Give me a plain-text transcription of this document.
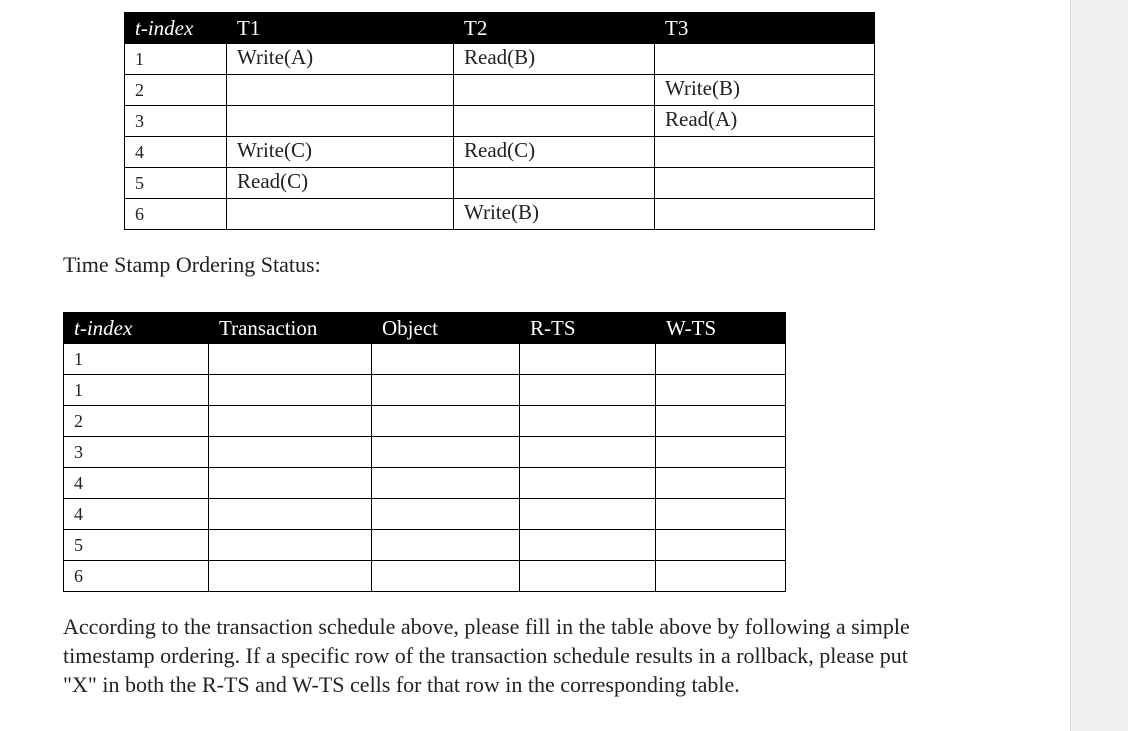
t-index	T1	T2	T3
1	Write(A)	Read(B)	
2			Write(B)
3			Read(A)
4	Write(C)	Read(C)	
5	Read(C)		
6		Write(B)	

Time Stamp Ordering Status:

t-index	Transaction	Object	R-TS	W-TS
1				
1				
2				
3				
4				
4				
5				
6				

According to the transaction schedule above, please fill in the table above by following a simple timestamp ordering. If a specific row of the transaction schedule results in a rollback, please put "X" in both the R-TS and W-TS cells for that row in the corresponding table.
